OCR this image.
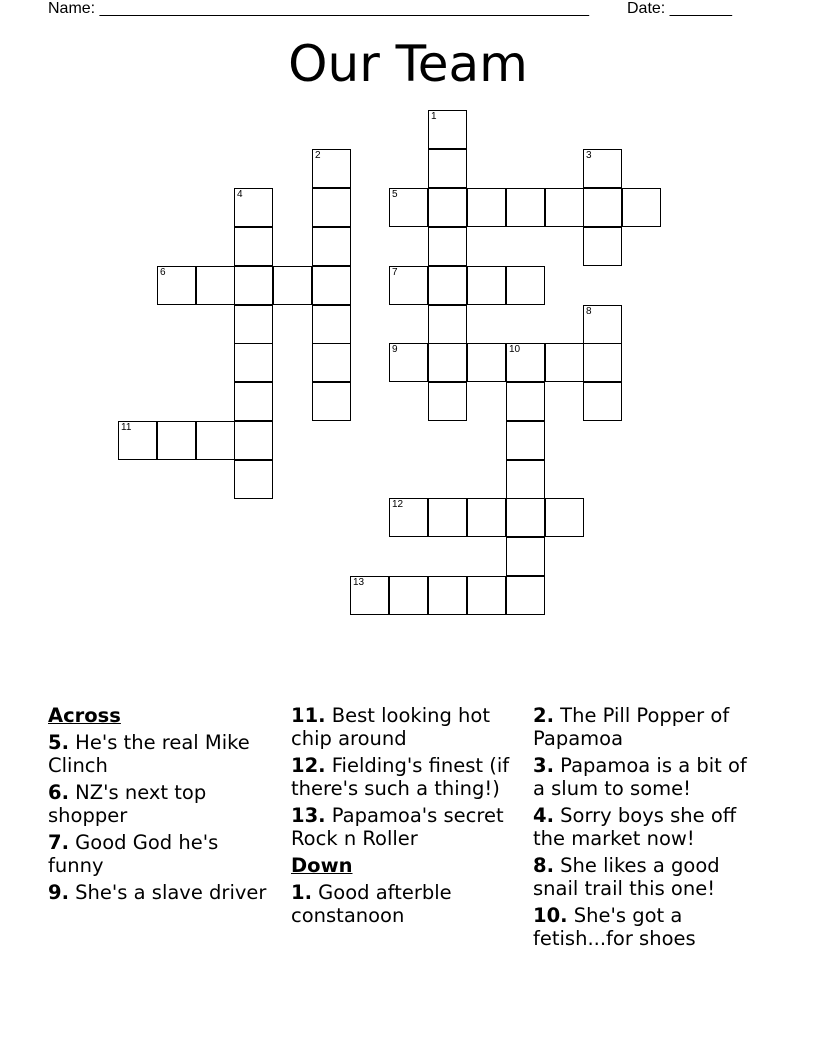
Name: _______________________________________________________ Date: _______
Our Team
1
2	3
4	5
6	7
8
9	10
11
12
13
Across
5. He's the real Mike Clinch
6. NZ's next top shopper
7. Good God he's funny
9. She's a slave driver
11. Best looking hot chip around
12. Fielding's finest (if there's such a thing!)
13. Papamoa's secret Rock n Roller
Down
1. Good afterble constanoon
2. The Pill Popper of Papamoa
3. Papamoa is a bit of a slum to some!
4. Sorry boys she off the market now!
8. She likes a good snail trail this one!
10. She's got a fetish...for shoes
